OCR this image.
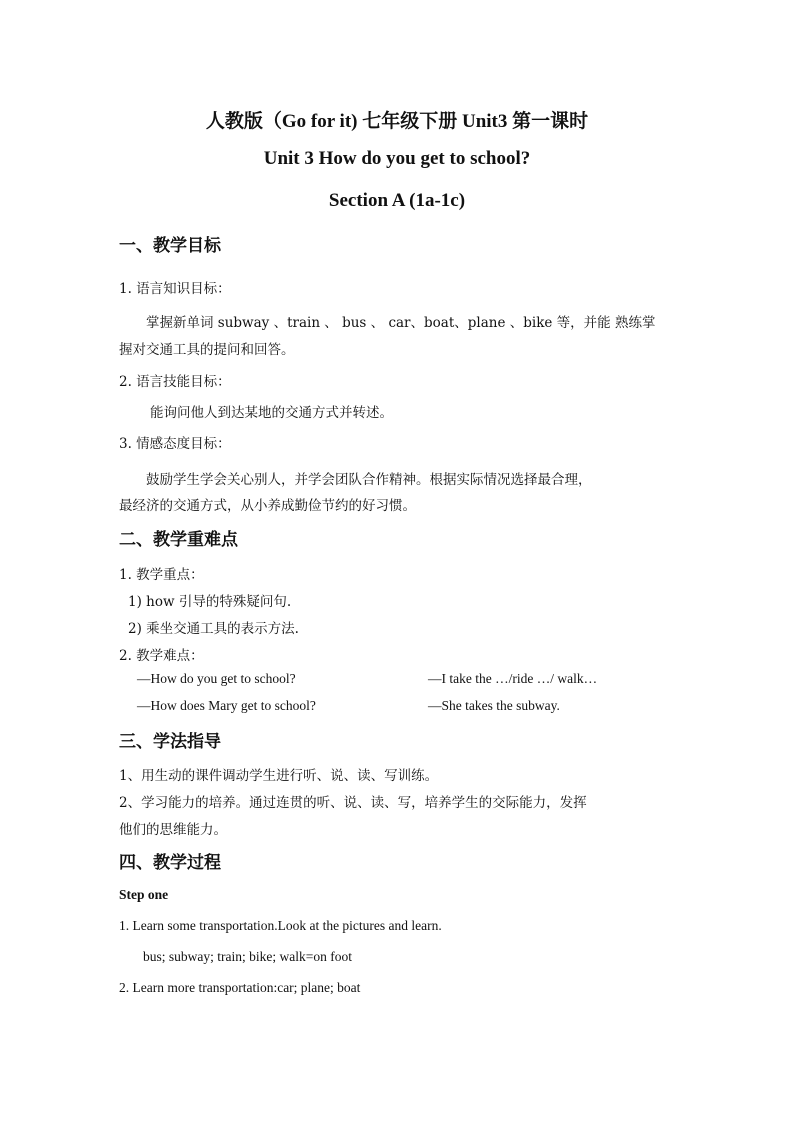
人教版（Go for it) 七年级下册 Unit3 第一课时
Unit 3 How do you get to school?
Section A (1a-1c)
一、教学目标
1. 语言知识目标：
掌握新单词 subway 、train 、 bus 、 car、boat、plane 、bike 等，并能 熟练掌
握对交通工具的提问和回答。
2. 语言技能目标：
能询问他人到达某地的交通方式并转述。
3. 情感态度目标：
鼓励学生学会关心别人，并学会团队合作精神。根据实际情况选择最合理，
最经济的交通方式，从小养成勤俭节约的好习惯。
二、教学重难点
1. 教学重点：
1) how 引导的特殊疑问句.
2) 乘坐交通工具的表示方法.
2. 教学难点：
—How do you get to school?	—I take the …/ride …/ walk…
—How does Mary get to school?	—She takes the subway.
三、学法指导
1、用生动的课件调动学生进行听、说、读、写训练。
2、学习能力的培养。通过连贯的听、说、读、写，培养学生的交际能力，发挥
他们的思维能力。
四、教学过程
Step one
1. Learn some transportation.Look at the pictures and learn.
bus; subway; train; bike; walk=on foot
2. Learn more transportation:car; plane; boat
